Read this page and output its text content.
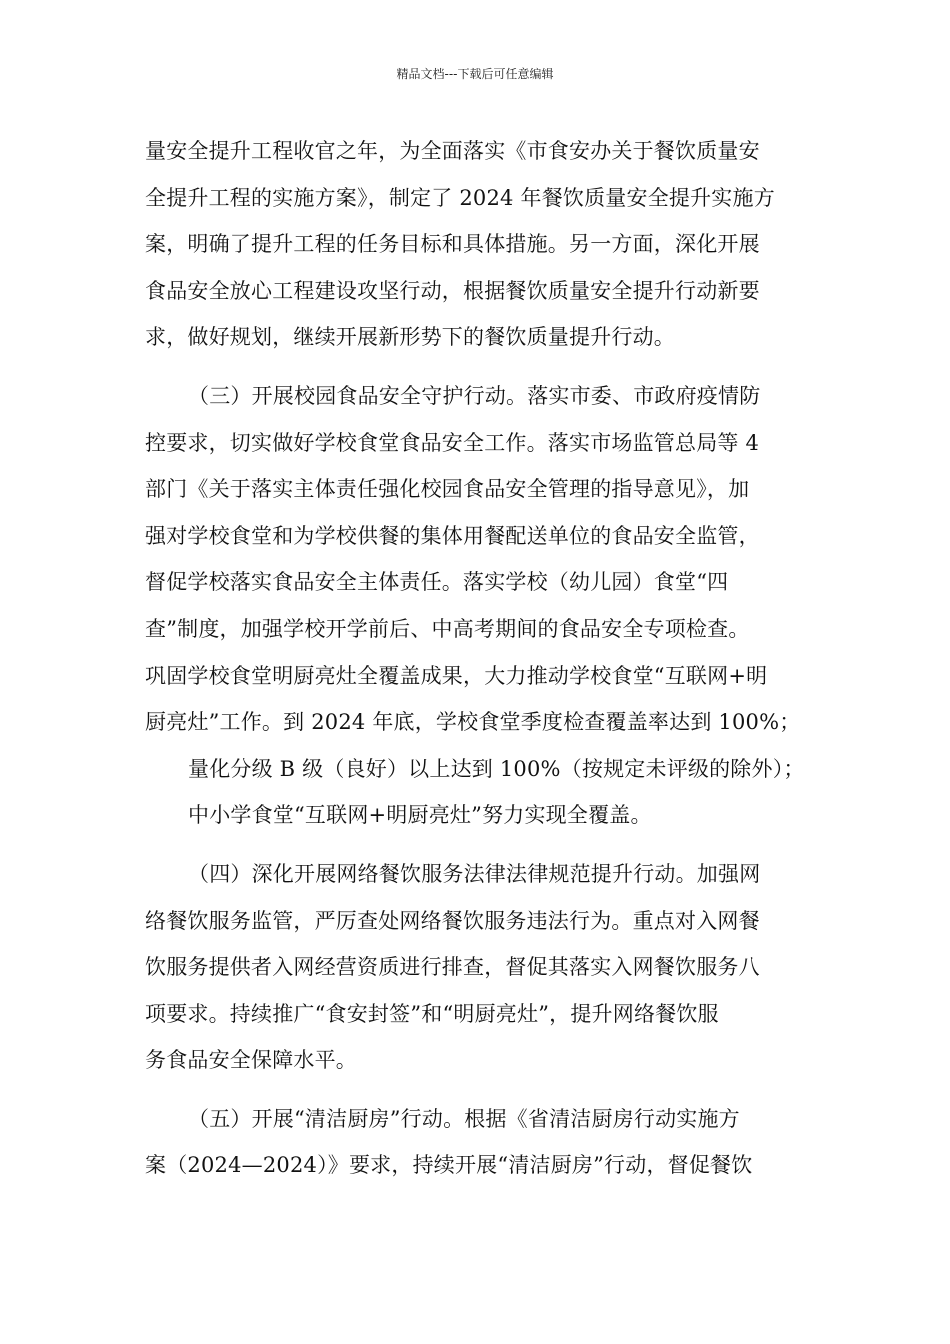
精品文档---下载后可任意编辑
量安全提升工程收官之年，为全面落实《市食安办关于餐饮质量安
全提升工程的实施方案》，制定了 2024 年餐饮质量安全提升实施方
案，明确了提升工程的任务目标和具体措施。另一方面，深化开展
食品安全放心工程建设攻坚行动，根据餐饮质量安全提升行动新要
求，做好规划，继续开展新形势下的餐饮质量提升行动。
（三）开展校园食品安全守护行动。落实市委、市政府疫情防
控要求，切实做好学校食堂食品安全工作。落实市场监管总局等 4
部门《关于落实主体责任强化校园食品安全管理的指导意见》，加
强对学校食堂和为学校供餐的集体用餐配送单位的食品安全监管，
督促学校落实食品安全主体责任。落实学校（幼儿园）食堂“四
查”制度，加强学校开学前后、中高考期间的食品安全专项检查。
巩固学校食堂明厨亮灶全覆盖成果，大力推动学校食堂“互联网+明
厨亮灶”工作。到 2024 年底，学校食堂季度检查覆盖率达到 100%；
量化分级 B 级（良好）以上达到 100%（按规定未评级的除外）；
中小学食堂“互联网+明厨亮灶”努力实现全覆盖。
（四）深化开展网络餐饮服务法律法律规范提升行动。加强网
络餐饮服务监管，严厉查处网络餐饮服务违法行为。重点对入网餐
饮服务提供者入网经营资质进行排查，督促其落实入网餐饮服务八
项要求。持续推广“食安封签”和“明厨亮灶”，提升网络餐饮服
务食品安全保障水平。
（五）开展“清洁厨房”行动。根据《省清洁厨房行动实施方
案（2024—2024）》要求，持续开展“清洁厨房”行动，督促餐饮
